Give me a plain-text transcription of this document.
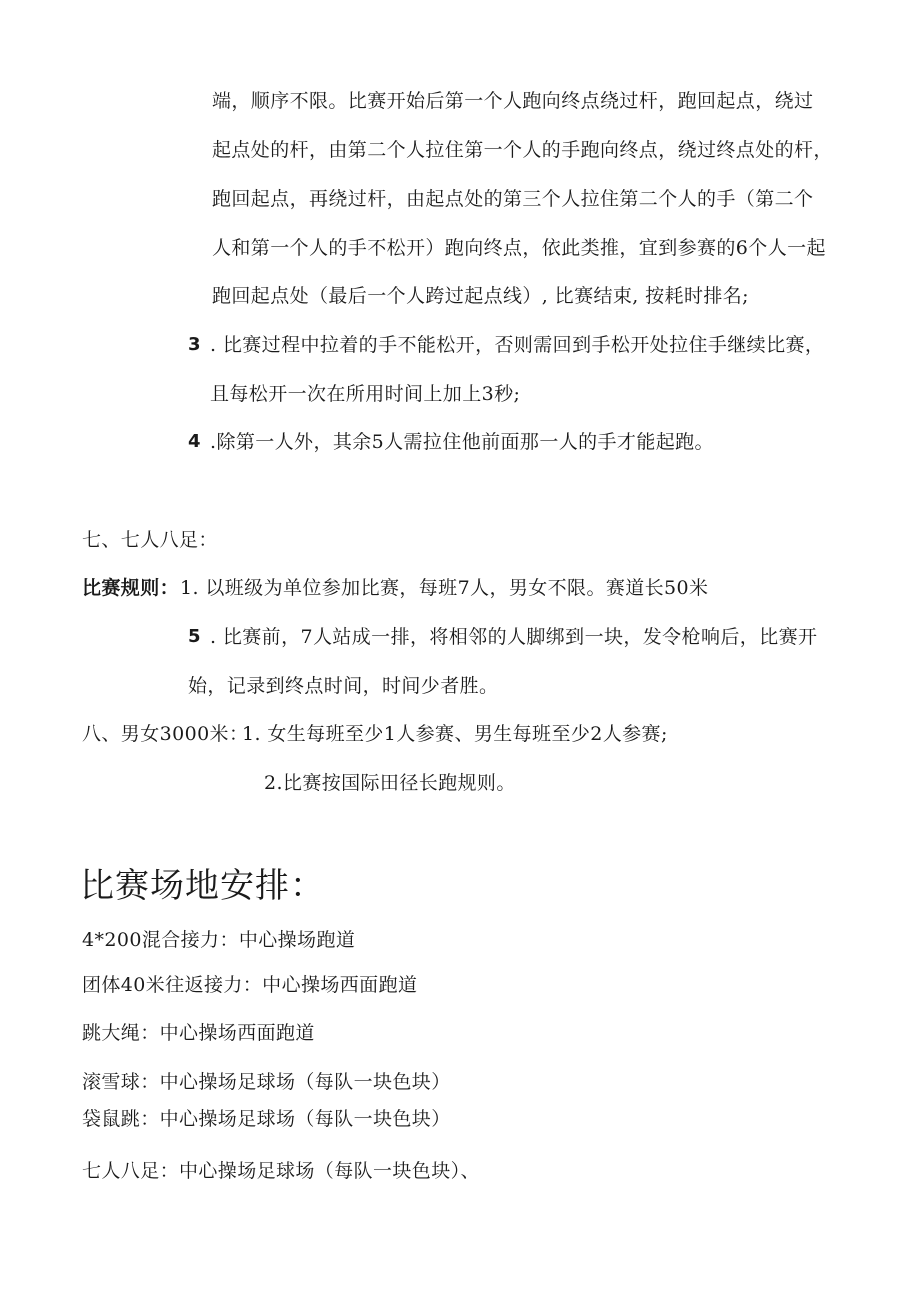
端，顺序不限。比赛开始后第一个人跑向终点绕过杆，跑回起点，绕过
起点处的杆，由第二个人拉住第一个人的手跑向终点，绕过终点处的杆，
跑回起点，再绕过杆，由起点处的第三个人拉住第二个人的手（第二个
人和第一个人的手不松开）跑向终点，依此类推，宜到参赛的6个人一起
跑回起点处（最后一个人跨过起点线）, 比赛结束, 按耗时排名;
3 . 比赛过程中拉着的手不能松开，否则需回到手松开处拉住手继续比赛，
且每松开一次在所用时间上加上3秒;
4 .除第一人外，其余5人需拉住他前面那一人的手才能起跑。
七、七人八足：
比赛规则： 1. 以班级为单位参加比赛，每班7人，男女不限。赛道长50米
5 . 比赛前，7人站成一排，将相邻的人脚绑到一块，发令枪响后，比赛开
始，记录到终点时间，时间少者胜。
八、男女3000米：
1. 女生每班至少1人参赛、男生每班至少2人参赛;
2.比赛按国际田径长跑规则。
比赛场地安排：
4*200混合接力：中心操场跑道
团体40米往返接力：中心操场西面跑道
跳大绳：中心操场西面跑道
滚雪球：中心操场足球场（每队一块色块）
袋鼠跳：中心操场足球场（每队一块色块）
七人八足：中心操场足球场（每队一块色块）、
